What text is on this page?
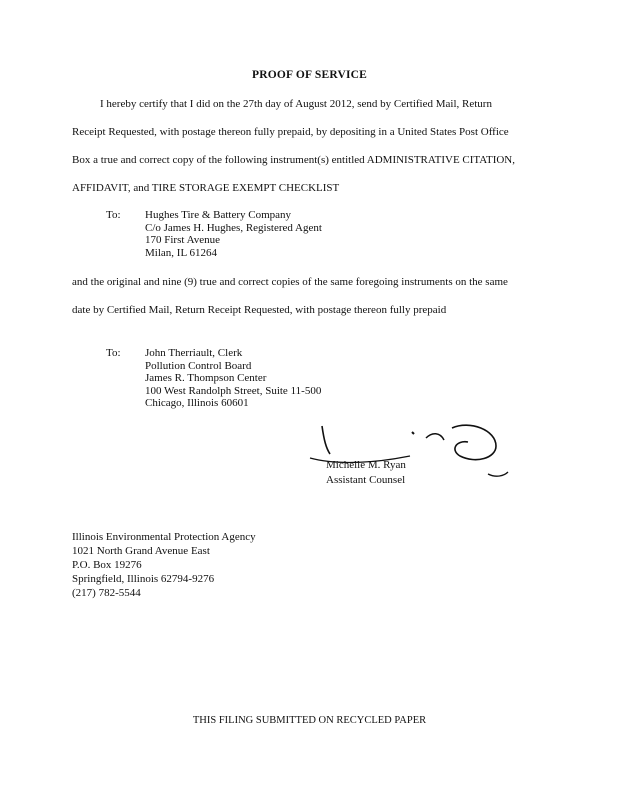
PROOF OF SERVICE
I hereby certify that I did on the 27th day of August 2012, send by Certified Mail, Return
Receipt Requested, with postage thereon fully prepaid, by depositing in a United States Post Office
Box a true and correct copy of the following instrument(s) entitled ADMINISTRATIVE CITATION,
AFFIDAVIT, and TIRE STORAGE EXEMPT CHECKLIST
To: Hughes Tire & Battery Company
C/o James H. Hughes, Registered Agent
170 First Avenue
Milan, IL 61264
and the original and nine (9) true and correct copies of the same foregoing instruments on the same
date by Certified Mail, Return Receipt Requested, with postage thereon fully prepaid
To: John Therriault, Clerk
Pollution Control Board
James R. Thompson Center
100 West Randolph Street, Suite 11-500
Chicago, Illinois 60601
Michelle M. Ryan
Assistant Counsel
Illinois Environmental Protection Agency
1021 North Grand Avenue East
P.O. Box 19276
Springfield, Illinois 62794-9276
(217) 782-5544
THIS FILING SUBMITTED ON RECYCLED PAPER
